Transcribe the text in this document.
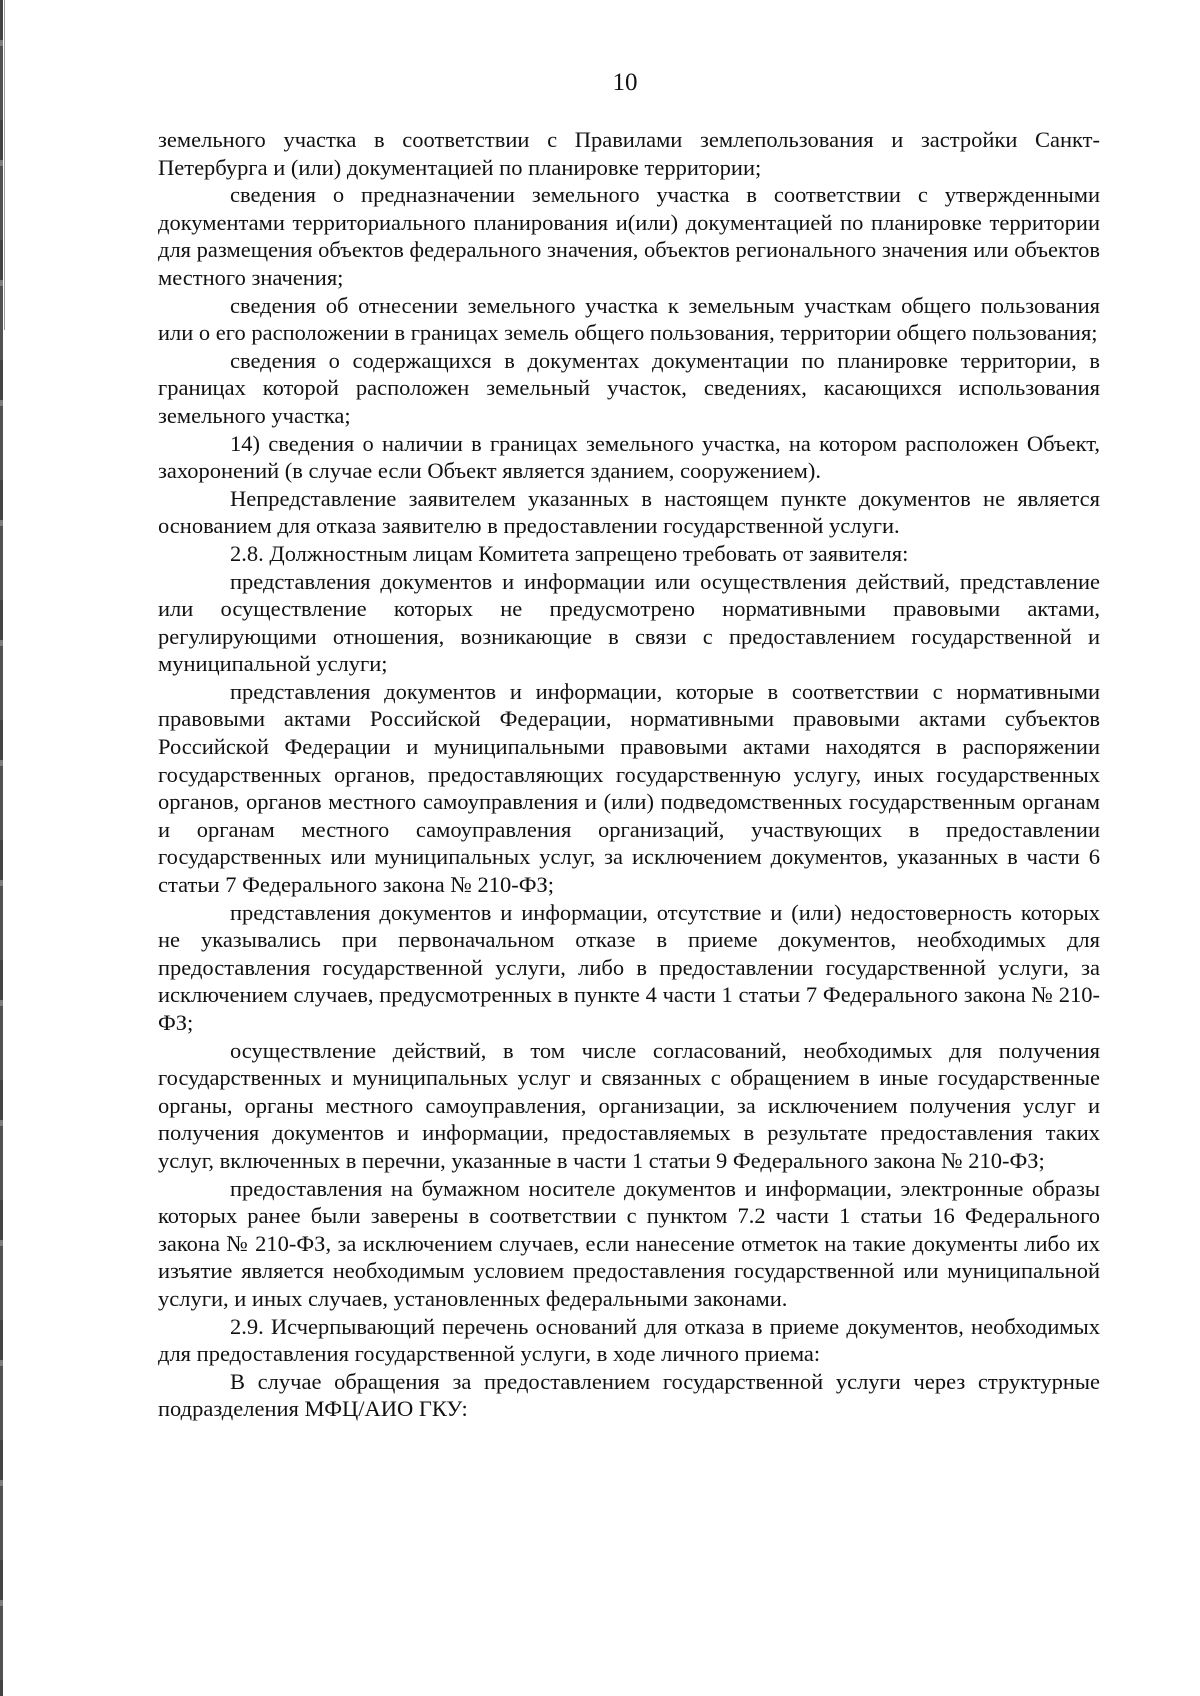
10

земельного участка в соответствии с Правилами землепользования и застройки Санкт-Петербурга и (или) документацией по планировке территории;

сведения о предназначении земельного участка в соответствии с утвержденными документами территориального планирования и(или) документацией по планировке территории для размещения объектов федерального значения, объектов регионального значения или объектов местного значения;

сведения об отнесении земельного участка к земельным участкам общего пользования или о его расположении в границах земель общего пользования, территории общего пользования;

сведения о содержащихся в документах документации по планировке территории, в границах которой расположен земельный участок, сведениях, касающихся использования земельного участка;

14) сведения о наличии в границах земельного участка, на котором расположен Объект, захоронений (в случае если Объект является зданием, сооружением).

Непредставление заявителем указанных в настоящем пункте документов не является основанием для отказа заявителю в предоставлении государственной услуги.

2.8. Должностным лицам Комитета запрещено требовать от заявителя:

представления документов и информации или осуществления действий, представление или осуществление которых не предусмотрено нормативными правовыми актами, регулирующими отношения, возникающие в связи с предоставлением государственной и муниципальной услуги;

представления документов и информации, которые в соответствии с нормативными правовыми актами Российской Федерации, нормативными правовыми актами субъектов Российской Федерации и муниципальными правовыми актами находятся в распоряжении государственных органов, предоставляющих государственную услугу, иных государственных органов, органов местного самоуправления и (или) подведомственных государственным органам и органам местного самоуправления организаций, участвующих в предоставлении государственных или муниципальных услуг, за исключением документов, указанных в части 6 статьи 7 Федерального закона № 210-ФЗ;

представления документов и информации, отсутствие и (или) недостоверность которых не указывались при первоначальном отказе в приеме документов, необходимых для предоставления государственной услуги, либо в предоставлении государственной услуги, за исключением случаев, предусмотренных в пункте 4 части 1 статьи 7 Федерального закона № 210-ФЗ;

осуществление действий, в том числе согласований, необходимых для получения государственных и муниципальных услуг и связанных с обращением в иные государственные органы, органы местного самоуправления, организации, за исключением получения услуг и получения документов и информации, предоставляемых в результате предоставления таких услуг, включенных в перечни, указанные в части 1 статьи 9 Федерального закона № 210-ФЗ;

предоставления на бумажном носителе документов и информации, электронные образы которых ранее были заверены в соответствии с пунктом 7.2 части 1 статьи 16 Федерального закона № 210-ФЗ, за исключением случаев, если нанесение отметок на такие документы либо их изъятие является необходимым условием предоставления государственной или муниципальной услуги, и иных случаев, установленных федеральными законами.

2.9. Исчерпывающий перечень оснований для отказа в приеме документов, необходимых для предоставления государственной услуги, в ходе личного приема:

В случае обращения за предоставлением государственной услуги через структурные подразделения МФЦ/АИО ГКУ:
